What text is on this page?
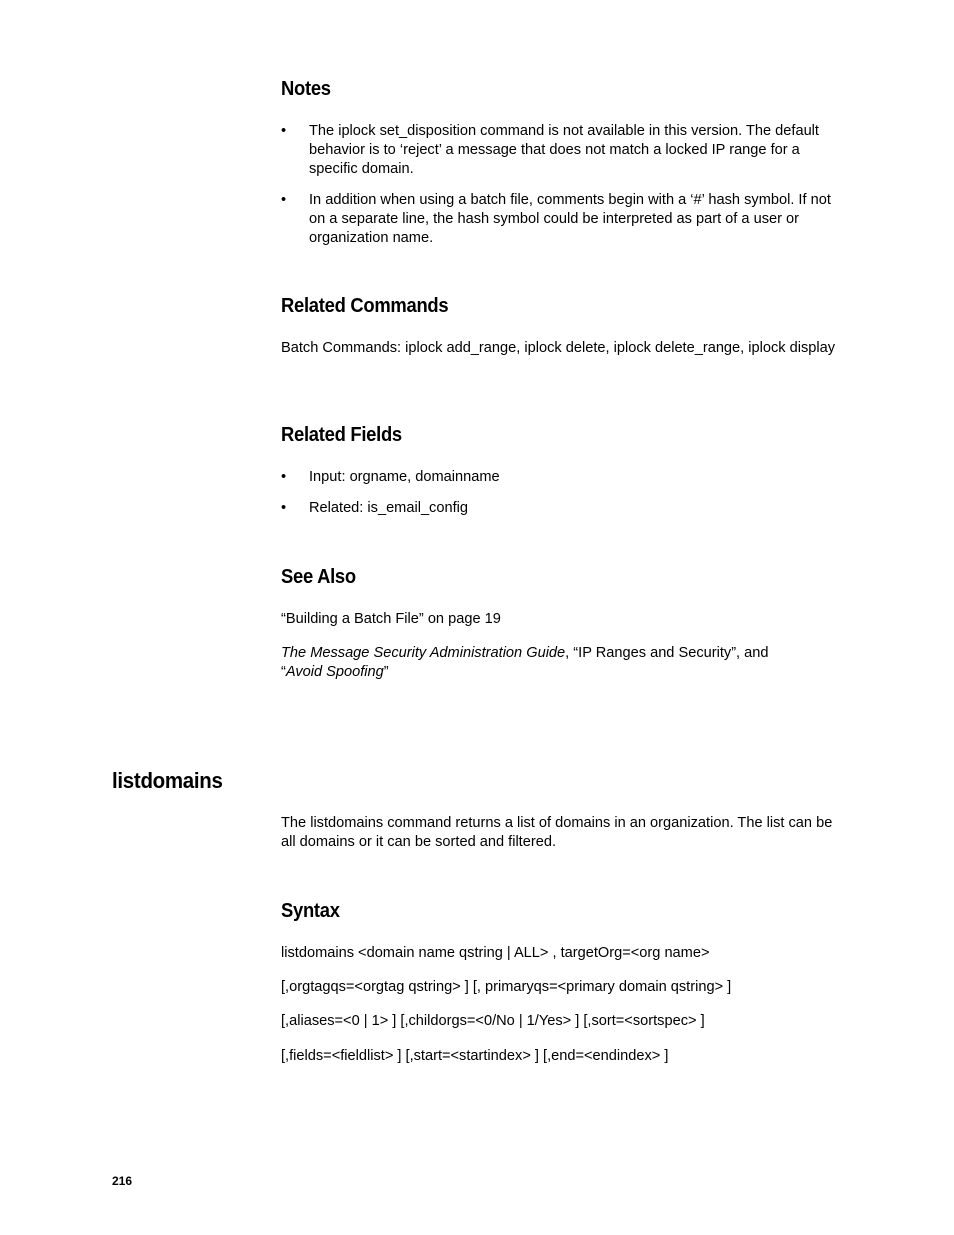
Notes
• The iplock set_disposition command is not available in this version. The default behavior is to ‘reject’ a message that does not match a locked IP range for a specific domain.
• In addition when using a batch file, comments begin with a ‘#’ hash symbol. If not on a separate line, the hash symbol could be interpreted as part of a user or organization name.
Related Commands

Batch Commands: iplock add_range, iplock delete, iplock delete_range, iplock display

Related Fields
• Input: orgname, domainname
• Related: is_email_config
See Also

“Building a Batch File” on page 19

The Message Security Administration Guide, “IP Ranges and Security”, and
“Avoid Spoofing”

listdomains

The listdomains command returns a list of domains in an organization. The list can be all domains or it can be sorted and filtered.

Syntax

listdomains <domain name qstring | ALL> , targetOrg=<org name>

[,orgtagqs=<orgtag qstring> ] [, primaryqs=<primary domain qstring> ]

[,aliases=<0 | 1> ] [,childorgs=<0/No | 1/Yes> ] [,sort=<sortspec> ]

[,fields=<fieldlist> ] [,start=<startindex> ] [,end=<endindex> ]

216
